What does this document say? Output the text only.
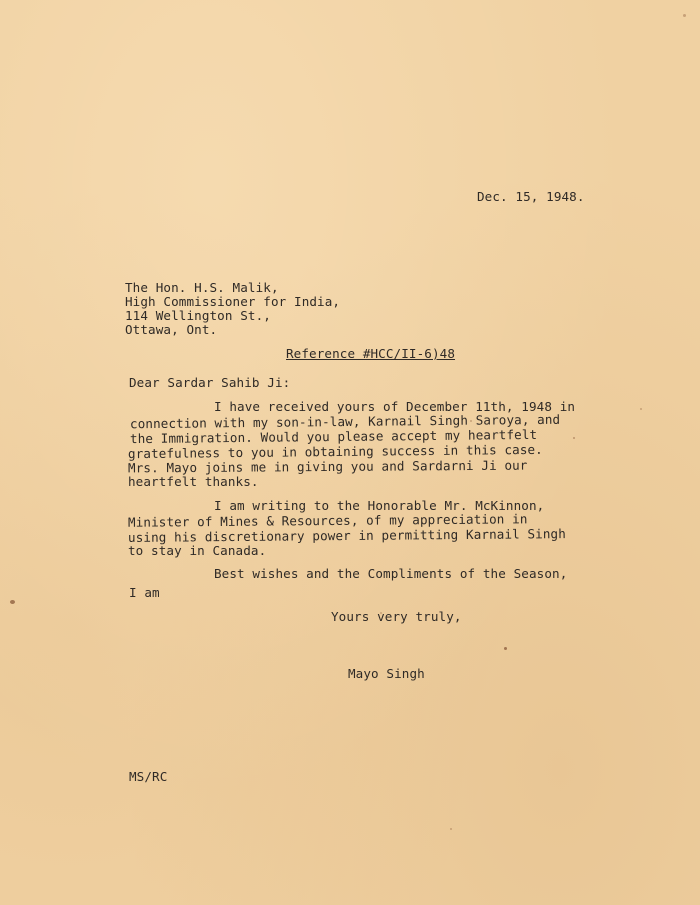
Dec. 15, 1948.
The Hon. H.S. Malik,
High Commissioner for India,
114 Wellington St.,
Ottawa, Ont.
Reference #HCC/II-6)48
Dear Sardar Sahib Ji:
I have received yours of December 11th, 1948 in
connection with my son-in-law, Karnail Singh Saroya, and
the Immigration. Would you please accept my heartfelt
gratefulness to you in obtaining success in this case.
Mrs. Mayo joins me in giving you and Sardarni Ji our
heartfelt thanks.
I am writing to the Honorable Mr. McKinnon,
Minister of Mines & Resources, of my appreciation in
using his discretionary power in permitting Karnail Singh
to stay in Canada.
Best wishes and the Compliments of the Season,
I am
Yours very truly,
Mayo Singh
MS/RC
